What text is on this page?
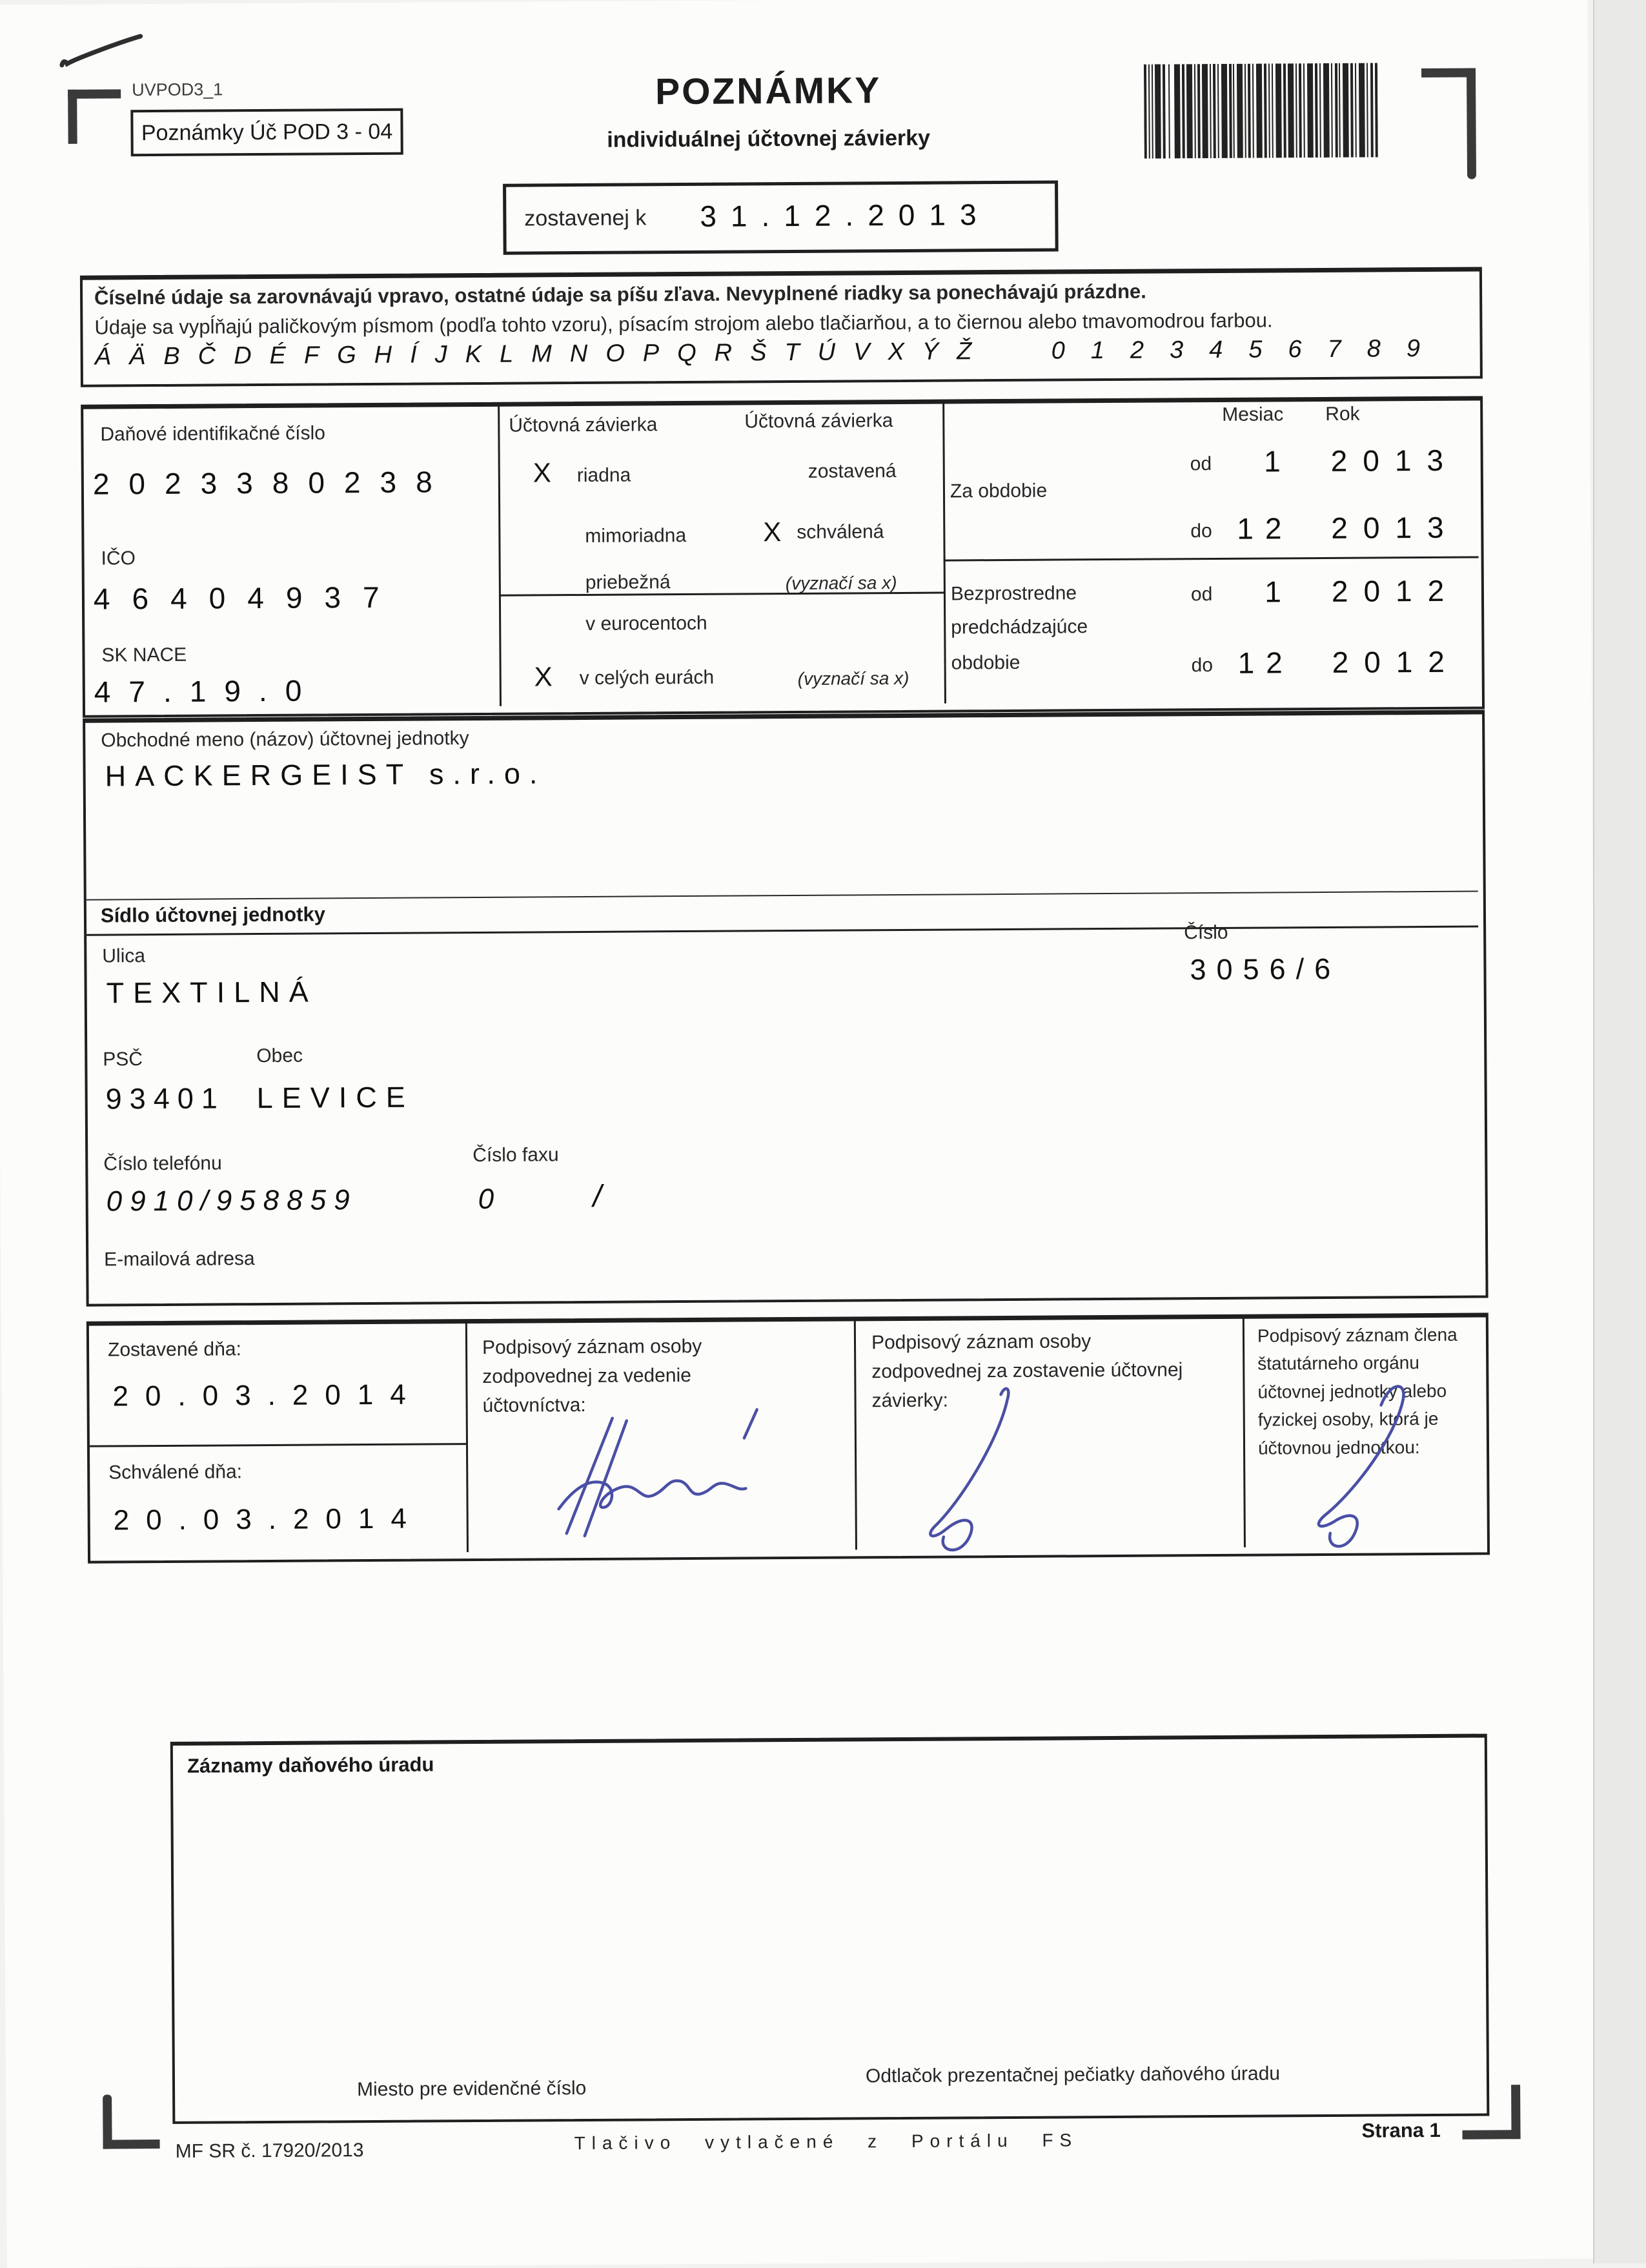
UVPOD3_1
Poznámky Úč POD 3 - 04
POZNÁMKY
individuálnej účtovnej závierky
zostavenej k 31.12.2013
Číselné údaje sa zarovnávajú vpravo, ostatné údaje sa píšu zľava. Nevyplnené riadky sa ponechávajú prázdne.
Údaje sa vypĺňajú paličkovým písmom (podľa tohto vzoru), písacím strojom alebo tlačiarňou, a to čiernou alebo tmavomodrou farbou.
ÁÄBČDÉFGHÍJKLMNOPQRŠTÚVXÝŽ 0123456789
Daňové identifikačné číslo
2023380238
IČO
46404937
SK NACE
47.19.0
Účtovná závierka	Účtovná závierka
X riadna	zostavená
mimoriadna	X schválená
priebežná	(vyznačí sa x)
v eurocentoch
X v celých eurách	(vyznačí sa x)
Mesiac Rok
Za obdobie
od	1 2013
do 12 2013
Bezprostredne
predchádzajúce
obdobie
od	1 2012
do 12 2012
Obchodné meno (názov) účtovnej jednotky
HACKERGEIST s.r.o.
Sídlo účtovnej jednotky
Ulica
TEXTILNÁ
Číslo
3056/6
PSČ	Obec
93401 LEVICE
Číslo telefónu	Číslo faxu
0910/958859	0	/
E-mailová adresa
Zostavené dňa:
20.03.2014
Schválené dňa:
20.03.2014
Podpisový záznam osoby zodpovednej za vedenie účtovníctva:
Podpisový záznam osoby zodpovednej za zostavenie účtovnej závierky:
Podpisový záznam člena štatutárneho orgánu účtovnej jednotky alebo fyzickej osoby, ktorá je účtovnou jednotkou:
Záznamy daňového úradu
Miesto pre evidenčné číslo
Odtlačok prezentačnej pečiatky daňového úradu
MF SR č. 17920/2013	Tlačivo vytlačené z Portálu FS	Strana 1
